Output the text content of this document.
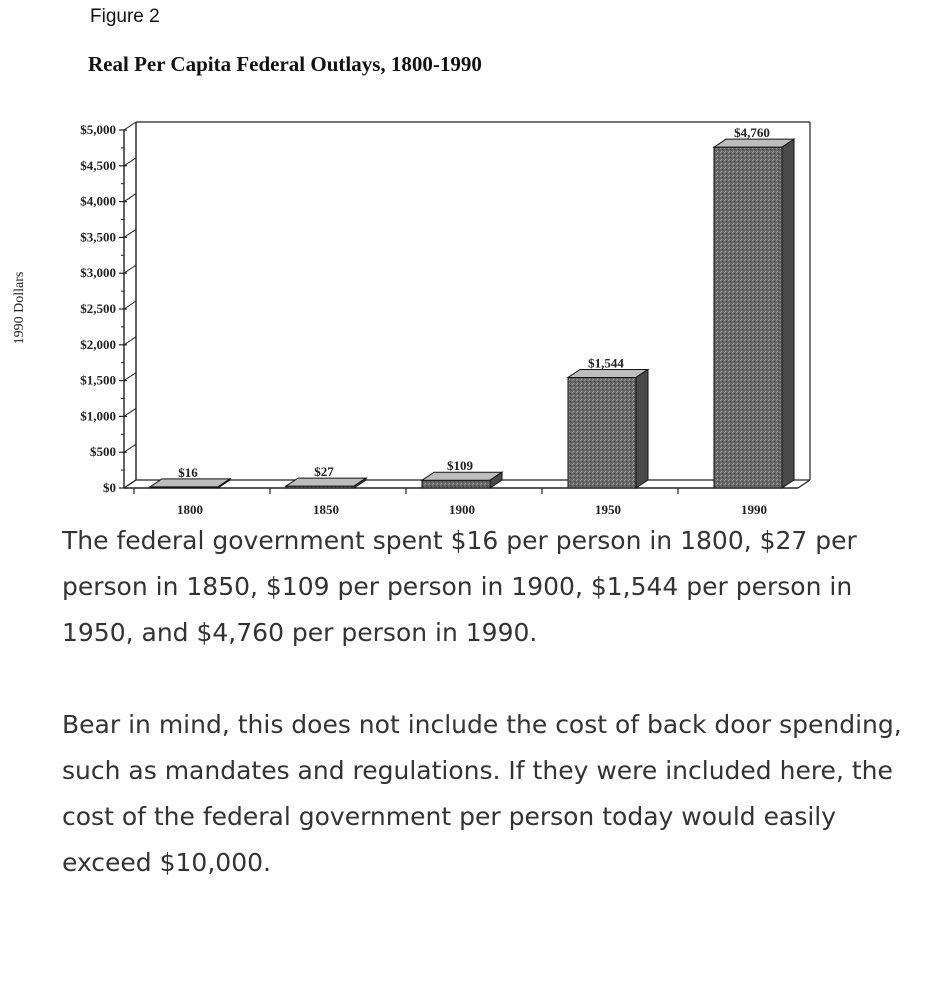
Figure 2
Real Per Capita Federal Outlays, 1800-1990
1990 Dollars
$0
$500
$1,000
$1,500
$2,000
$2,500
$3,000
$3,500
$4,000
$4,500
$5,000
1800	1850	1900	1950	1990
$16	$27	$109
$1,544
$4,760
The federal government spent $16 per person in 1800, $27 per person in 1850, $109 per person in 1900, $1,544 per person in 1950, and $4,760 per person in 1990.
Bear in mind, this does not include the cost of back door spending, such as mandates and regulations. If they were included here, the cost of the federal government per person today would easily exceed $10,000.
